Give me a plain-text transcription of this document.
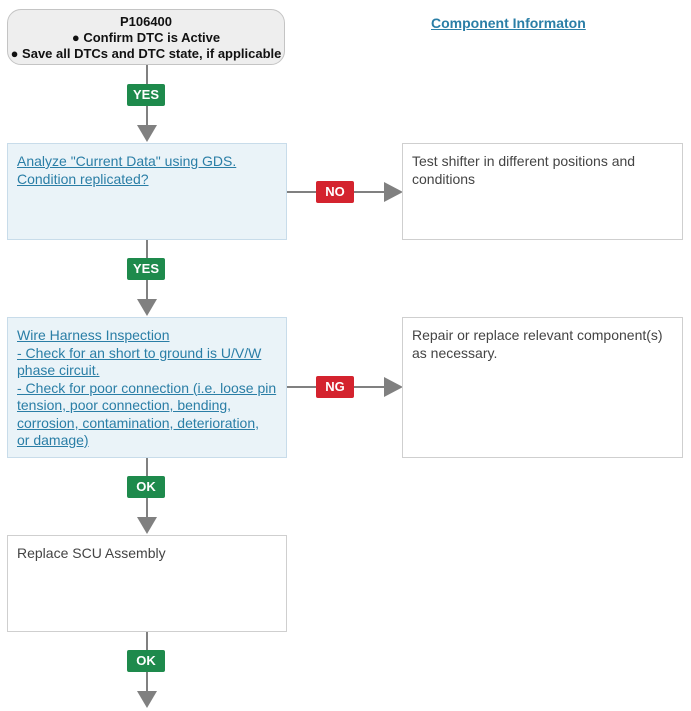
P106400
● Confirm DTC is Active
● Save all DTCs and DTC state, if applicable
Component Informaton
YES
Analyze "Current Data" using GDS.
Condition replicated?
NO
Test shifter in different positions and
conditions
YES
Wire Harness Inspection
- Check for an short to ground is U/V/W
phase circuit.
- Check for poor connection (i.e. loose pin
tension, poor connection, bending,
corrosion, contamination, deterioration,
or damage)
NG
Repair or replace relevant component(s)
as necessary.
OK
Replace SCU Assembly
OK
